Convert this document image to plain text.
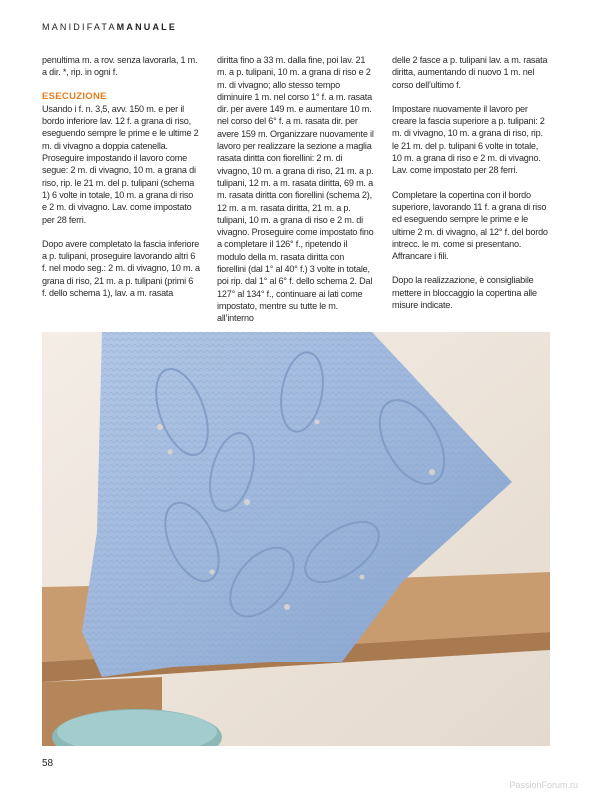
MANIDIFATAMANUALE

penultima m. a rov. senza lavorarla, 1 m. a dir. *, rip. in ogni f.

ESECUZIONE

Usando i f. n. 3,5, avv. 150 m. e per il bordo inferiore lav. 12 f. a grana di riso, eseguendo sempre le prime e le ultime 2 m. di vivagno a doppia catenella.

Proseguire impostando il lavoro come segue: 2 m. di vivagno, 10 m. a grana di riso, rip. le 21 m. del p. tulipani (schema 1) 6 volte in totale, 10 m. a grana di riso e 2 m. di vivagno. Lav. come impostato per 28 ferri.

Dopo avere completato la fascia inferiore a p. tulipani, proseguire lavorando altri 6 f. nel modo seg.: 2 m. di vivagno, 10 m. a grana di riso, 21 m. a p. tulipani (primi 6 f. dello schema 1), lav. a m. rasata

diritta fino a 33 m. dalla fine, poi lav. 21 m. a p. tulipani, 10 m. a grana di riso e 2 m. di vivagno; allo stesso tempo diminuire 1 m. nel corso 1° f. a m. rasata dir. per avere 149 m. e aumentare 10 m. nel corso del 6° f. a m. rasata dir. per avere 159 m. Organizzare nuovamente il lavoro per realizzare la sezione a maglia rasata diritta con fiorellini: 2 m. di vivagno, 10 m. a grana di riso, 21 m. a p. tulipani, 12 m. a m. rasata diritta, 69 m. a m. rasata diritta con fiorellini (schema 2), 12 m. a m. rasata diritta, 21 m. a p. tulipani, 10 m. a grana di riso e 2 m. di vivagno. Proseguire come impostato fino a completare il 126° f., ripetendo il modulo della m. rasata diritta con fiorellini (dal 1° al 40° f.) 3 volte in totale, poi rip. dal 1° al 6° f. dello schema 2. Dal 127° al 134° f., continuare ai lati come impostato, mentre su tutte le m. all’interno

delle 2 fasce a p. tulipani lav. a m. rasata diritta, aumentando di nuovo 1 m. nel corso dell’ultimo f.

Impostare nuovamente il lavoro per creare la fascia superiore a p. tulipani: 2 m. di vivagno, 10 m. a grana di riso, rip. le 21 m. del p. tulipani 6 volte in totale, 10 m. a grana di riso e 2 m. di vivagno. Lav. come impostato per 28 ferri.

Completare la copertina con il bordo superiore, lavorando 11 f. a grana di riso ed eseguendo sempre le prime e le ultime 2 m. di vivagno, al 12° f. del bordo intrecc. le m. come si presentano. Affrancare i fili.

Dopo la realizzazione, è consigliabile mettere in bloccaggio la copertina alle misure indicate.

58
PassionForum.ru
